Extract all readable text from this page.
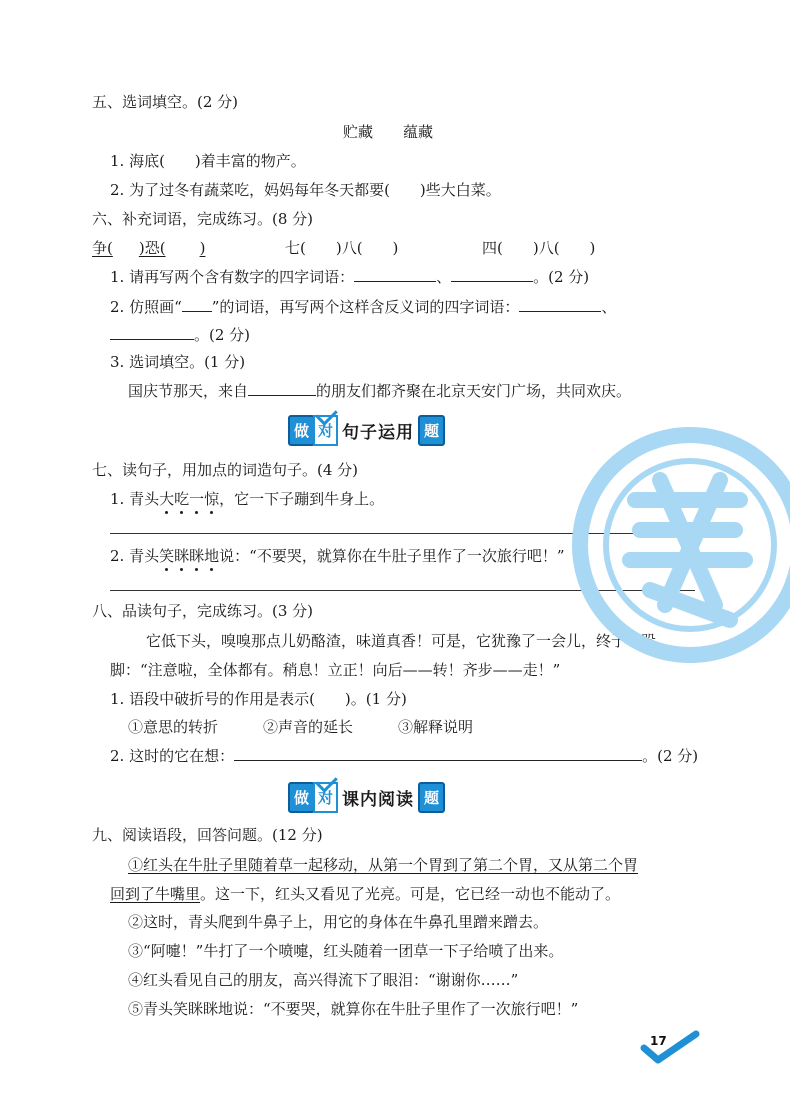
五、选词填空。(2 分)
贮藏　　蕴藏
1. 海底(　　)着丰富的物产。
2. 为了过冬有蔬菜吃，妈妈每年冬天都要(　　)些大白菜。
六、补充词语，完成练习。(8 分)
争( )恐( )	七(　　)八(　　)	四(　　)八(　　)
1. 请再写两个含有数字的四字词语：	、	。(2 分)
2. 仿照画“ ”的词语，再写两个这样含反义词的四字词语：	、
。(2 分)
3. 选词填空。(1 分)
国庆节那天，来自	的朋友们都齐聚在北京天安门广场，共同欢庆。
做 对 句子运用 题
七、读句子，用加点的词造句子。(4 分)
1. 青头大吃一惊，它一下子蹦到牛身上。
2. 青头笑眯眯地说：“不要哭，就算你在牛肚子里作了一次旅行吧！”
八、品读句子，完成练习。(3 分)
它低下头，嗅嗅那点儿奶酪渣，味道真香！可是，它犹豫了一会儿，终于一跺
脚：“注意啦，全体都有。稍息！立正！向后——转！齐步——走！”
1. 语段中破折号的作用是表示(　　)。(1 分)
①意思的转折　　　②声音的延长　　　③解释说明
2. 这时的它在想：	。(2 分)
做 对 课内阅读 题
九、阅读语段，回答问题。(12 分)
①红头在牛肚子里随着草一起移动，从第一个胃到了第二个胃，又从第二个胃
回到了牛嘴里。这一下，红头又看见了光亮。可是，它已经一动也不能动了。
②这时，青头爬到牛鼻子上，用它的身体在牛鼻孔里蹭来蹭去。
③“阿嚏！”牛打了一个喷嚏，红头随着一团草一下子给喷了出来。
④红头看见自己的朋友，高兴得流下了眼泪：“谢谢你……”
⑤青头笑眯眯地说：“不要哭，就算你在牛肚子里作了一次旅行吧！”
17
